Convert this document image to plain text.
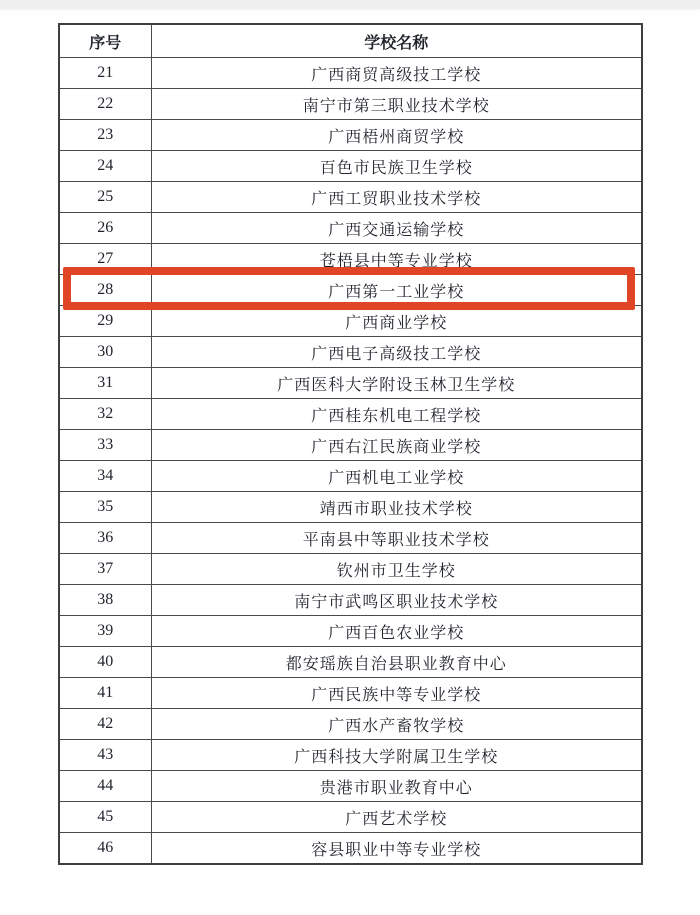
序号	学校名称
21	广西商贸高级技工学校
22	南宁市第三职业技术学校
23	广西梧州商贸学校
24	百色市民族卫生学校
25	广西工贸职业技术学校
26	广西交通运输学校
27	苍梧县中等专业学校
28	广西第一工业学校
29	广西商业学校
30	广西电子高级技工学校
31	广西医科大学附设玉林卫生学校
32	广西桂东机电工程学校
33	广西右江民族商业学校
34	广西机电工业学校
35	靖西市职业技术学校
36	平南县中等职业技术学校
37	钦州市卫生学校
38	南宁市武鸣区职业技术学校
39	广西百色农业学校
40	都安瑶族自治县职业教育中心
41	广西民族中等专业学校
42	广西水产畜牧学校
43	广西科技大学附属卫生学校
44	贵港市职业教育中心
45	广西艺术学校
46	容县职业中等专业学校
